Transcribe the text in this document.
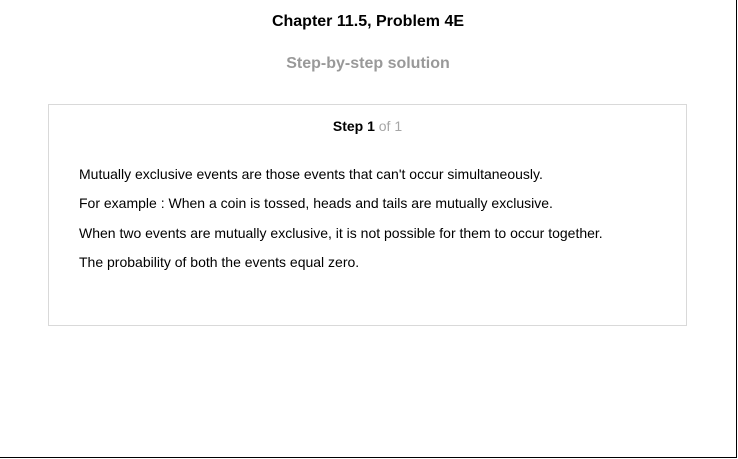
Chapter 11.5, Problem 4E
Step-by-step solution
Step 1 of 1

Mutually exclusive events are those events that can't occur simultaneously.

For example : When a coin is tossed, heads and tails are mutually exclusive.

When two events are mutually exclusive, it is not possible for them to occur together.

The probability of both the events equal zero.
